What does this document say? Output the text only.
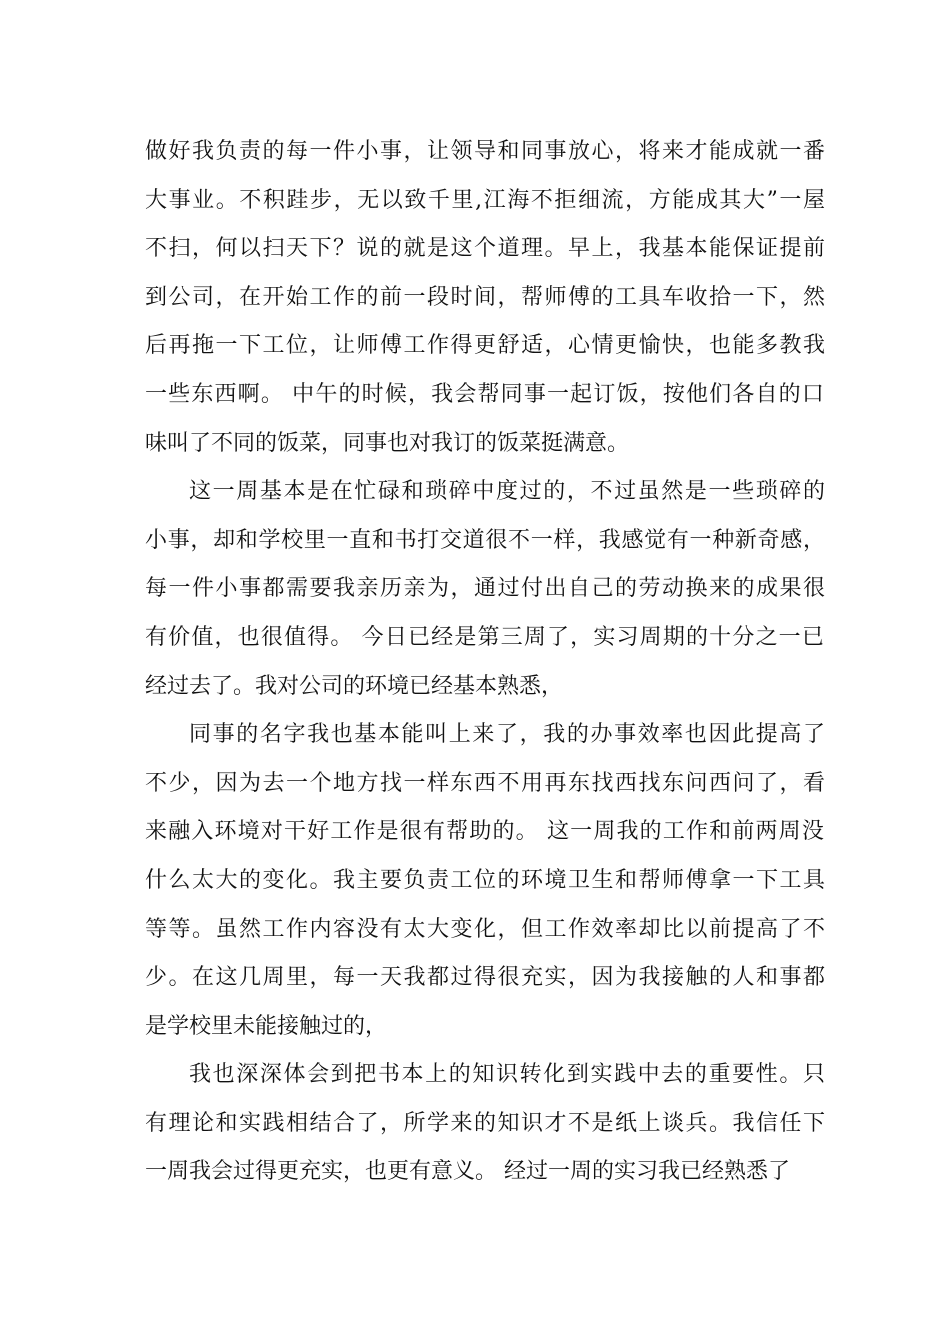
做好我负责的每一件小事，让领导和同事放心，将来才能成就一番
大事业。不积跬步，无以致千里,江海不拒细流，方能成其大”一屋
不扫，何以扫天下？说的就是这个道理。早上，我基本能保证提前
到公司，在开始工作的前一段时间，帮师傅的工具车收拾一下，然
后再拖一下工位，让师傅工作得更舒适，心情更愉快，也能多教我
一些东西啊。 中午的时候，我会帮同事一起订饭，按他们各自的口
味叫了不同的饭菜，同事也对我订的饭菜挺满意。
这一周基本是在忙碌和琐碎中度过的，不过虽然是一些琐碎的
小事，却和学校里一直和书打交道很不一样，我感觉有一种新奇感，
每一件小事都需要我亲历亲为，通过付出自己的劳动换来的成果很
有价值，也很值得。 今日已经是第三周了，实习周期的十分之一已
经过去了。我对公司的环境已经基本熟悉，
同事的名字我也基本能叫上来了，我的办事效率也因此提高了
不少，因为去一个地方找一样东西不用再东找西找东问西问了，看
来融入环境对干好工作是很有帮助的。 这一周我的工作和前两周没
什么太大的变化。我主要负责工位的环境卫生和帮师傅拿一下工具
等等。虽然工作内容没有太大变化，但工作效率却比以前提高了不
少。在这几周里，每一天我都过得很充实，因为我接触的人和事都
是学校里未能接触过的，
我也深深体会到把书本上的知识转化到实践中去的重要性。只
有理论和实践相结合了，所学来的知识才不是纸上谈兵。我信任下
一周我会过得更充实，也更有意义。 经过一周的实习我已经熟悉了
